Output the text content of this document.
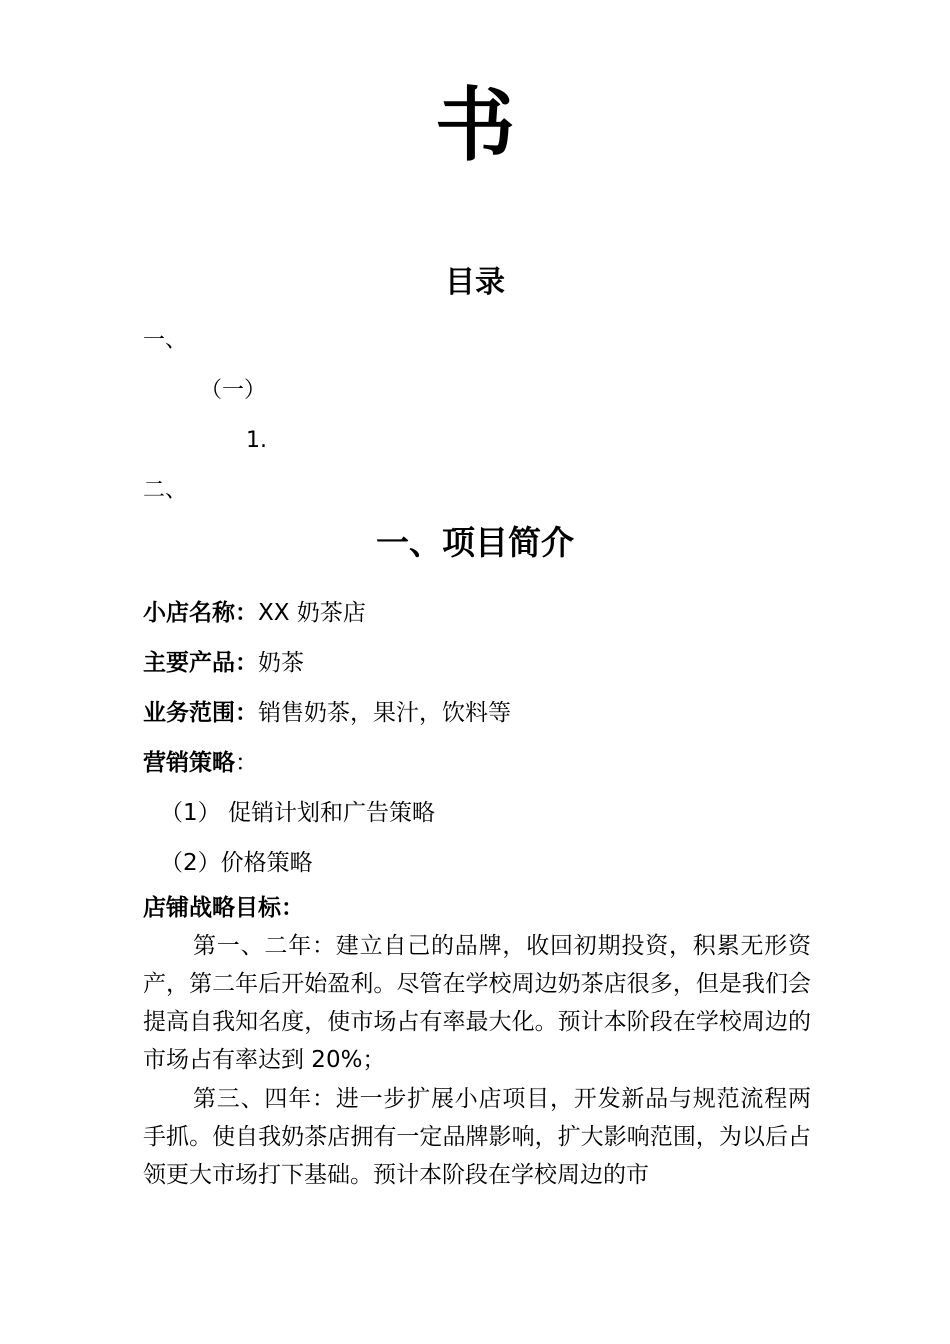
书
目录
一、
（一）
1.
二、
一、项目简介
小店名称：XX 奶茶店
主要产品：奶茶
业务范围：销售奶茶，果汁，饮料等
营销策略：
（1） 促销计划和广告策略
（2）价格策略
店铺战略目标：
第一、二年：建立自己的品牌，收回初期投资，积累无形资产，第二年后开始盈利。尽管在学校周边奶茶店很多，但是我们会提高自我知名度，使市场占有率最大化。预计本阶段在学校周边的市场占有率达到 20%；
第三、四年：进一步扩展小店项目，开发新品与规范流程两手抓。使自我奶茶店拥有一定品牌影响，扩大影响范围，为以后占领更大市场打下基础。预计本阶段在学校周边的市
